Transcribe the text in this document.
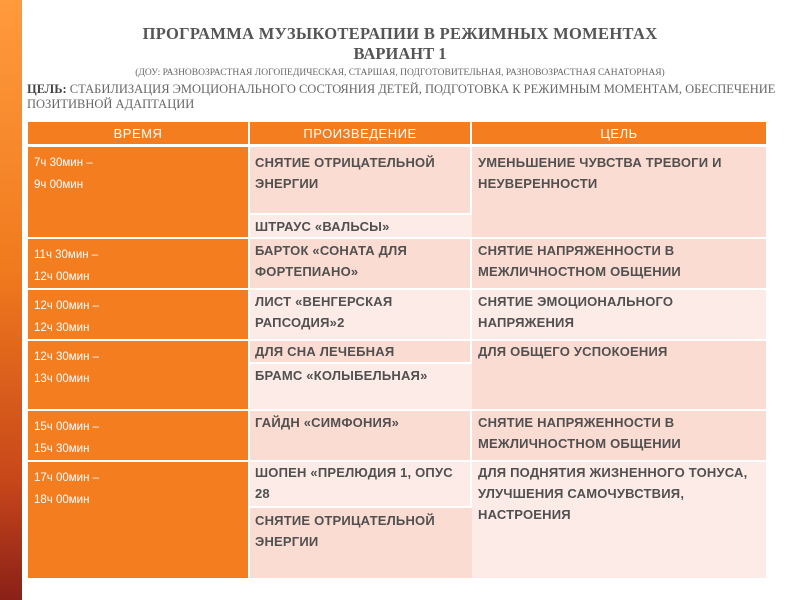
ПРОГРАММА МУЗЫКОТЕРАПИИ В РЕЖИМНЫХ МОМЕНТАХ
ВАРИАНТ 1
(ДОУ: РАЗНОВОЗРАСТНАЯ ЛОГОПЕДИЧЕСКАЯ, СТАРШАЯ, ПОДГОТОВИТЕЛЬНАЯ, РАЗНОВОЗРАСТНАЯ САНАТОРНАЯ)
ЦЕЛЬ: СТАБИЛИЗАЦИЯ ЭМОЦИОНАЛЬНОГО СОСТОЯНИЯ ДЕТЕЙ, ПОДГОТОВКА К РЕЖИМНЫМ МОМЕНТАМ, ОБЕСПЕЧЕНИЕ ПОЗИТИВНОЙ АДАПТАЦИИ
ВРЕМЯ	ПРОИЗВЕДЕНИЕ	ЦЕЛЬ

7ч 30мин –
9ч 00мин	СНЯТИЕ ОТРИЦАТЕЛЬНОЙ ЭНЕРГИИ	УМЕНЬШЕНИЕ ЧУВСТВА ТРЕВОГИ И НЕУВЕРЕННОСТИ
	ШТРАУС «ВАЛЬСЫ»	

11ч 30мин –
12ч 00мин	БАРТОК «СОНАТА ДЛЯ ФОРТЕПИАНО»	СНЯТИЕ НАПРЯЖЕННОСТИ В МЕЖЛИЧНОСТНОМ ОБЩЕНИИ

12ч 00мин –
12ч 30мин	ЛИСТ «ВЕНГЕРСКАЯ РАПСОДИЯ»2	СНЯТИЕ ЭМОЦИОНАЛЬНОГО НАПРЯЖЕНИЯ

12ч 30мин –
13ч 00мин	ДЛЯ СНА ЛЕЧЕБНАЯ	ДЛЯ ОБЩЕГО УСПОКОЕНИЯ
	БРАМС «КОЛЫБЕЛЬНАЯ»	

15ч 00мин –
15ч 30мин	ГАЙДН «СИМФОНИЯ»	СНЯТИЕ НАПРЯЖЕННОСТИ В МЕЖЛИЧНОСТНОМ ОБЩЕНИИ

17ч 00мин –
18ч 00мин	ШОПЕН «ПРЕЛЮДИЯ 1, ОПУС 28	ДЛЯ ПОДНЯТИЯ ЖИЗНЕННОГО ТОНУСА, УЛУЧШЕНИЯ САМОЧУВСТВИЯ, НАСТРОЕНИЯ
	СНЯТИЕ ОТРИЦАТЕЛЬНОЙ ЭНЕРГИИ	
